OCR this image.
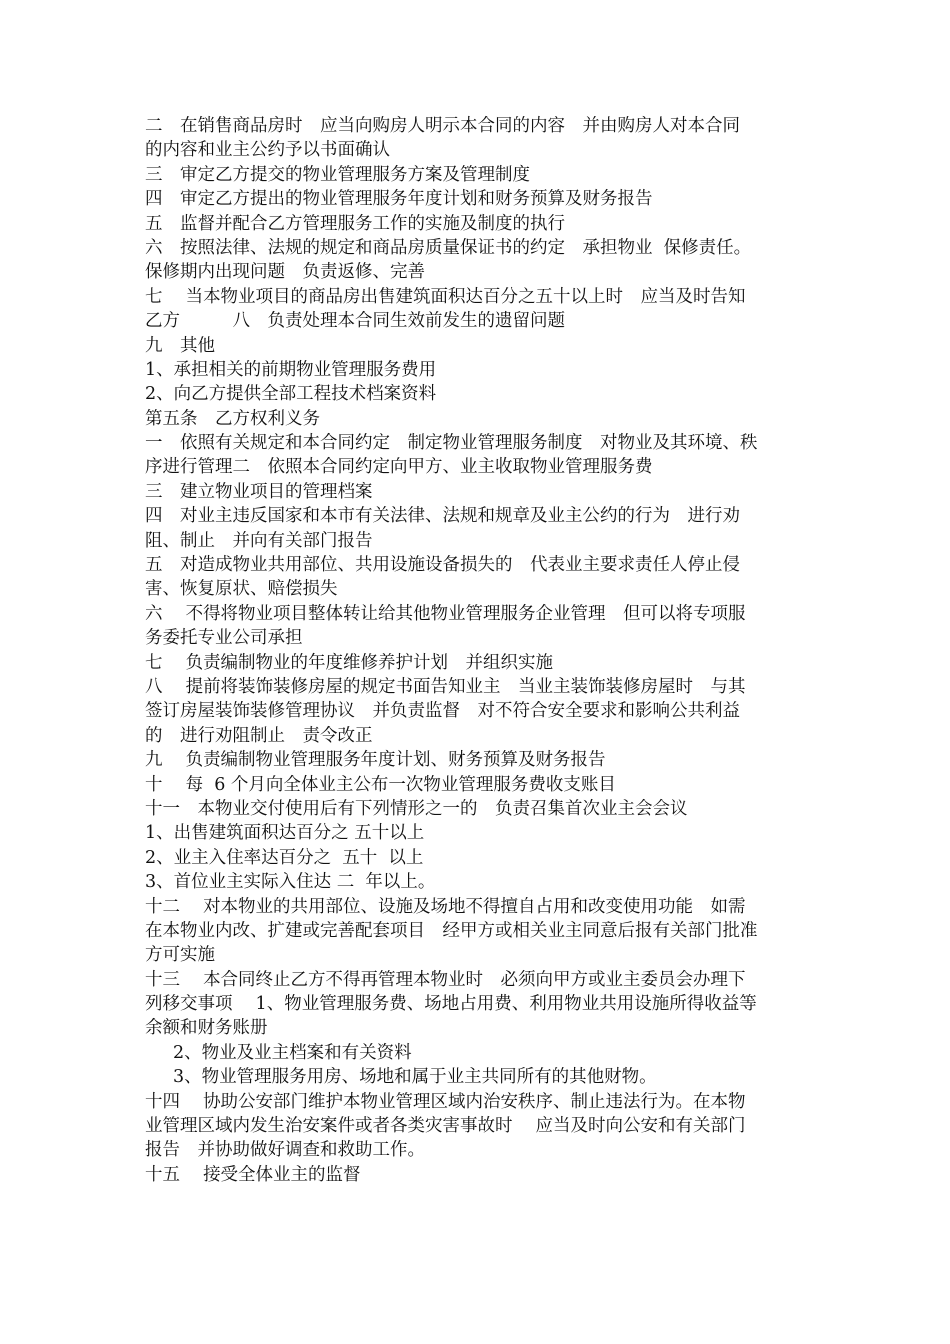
二　在销售商品房时　应当向购房人明示本合同的内容　并由购房人对本合同
的内容和业主公约予以书面确认
三　审定乙方提交的物业管理服务方案及管理制度
四　审定乙方提出的物业管理服务年度计划和财务预算及财务报告
五　监督并配合乙方管理服务工作的实施及制度的执行
六　按照法律、法规的规定和商品房质量保证书的约定　承担物业  保修责任。
保修期内出现问题　负责返修、完善
七　 当本物业项目的商品房出售建筑面积达百分之五十以上时　应当及时告知
乙方　　　八　负责处理本合同生效前发生的遗留问题
九　其他
1、承担相关的前期物业管理服务费用
2、向乙方提供全部工程技术档案资料
第五条　乙方权利义务
一　依照有关规定和本合同约定　制定物业管理服务制度　对物业及其环境、秩
序进行管理二　依照本合同约定向甲方、业主收取物业管理服务费
三　建立物业项目的管理档案
四　对业主违反国家和本市有关法律、法规和规章及业主公约的行为　进行劝
阻、制止　并向有关部门报告
五　对造成物业共用部位、共用设施设备损失的　代表业主要求责任人停止侵
害、恢复原状、赔偿损失
六　 不得将物业项目整体转让给其他物业管理服务企业管理　但可以将专项服
务委托专业公司承担
七　 负责编制物业的年度维修养护计划　并组织实施
八　 提前将装饰装修房屋的规定书面告知业主　当业主装饰装修房屋时　与其
签订房屋装饰装修管理协议　并负责监督　对不符合安全要求和影响公共利益
的　进行劝阻制止　责令改正
九　 负责编制物业管理服务年度计划、财务预算及财务报告
十　 每  6 个月向全体业主公布一次物业管理服务费收支账目
十一　本物业交付使用后有下列情形之一的　负责召集首次业主会会议
1、出售建筑面积达百分之 五十以上
2、业主入住率达百分之  五十  以上
3、首位业主实际入住达 二  年以上。
十二　 对本物业的共用部位、设施及场地不得擅自占用和改变使用功能　如需
在本物业内改、扩建或完善配套项目　经甲方或相关业主同意后报有关部门批准
方可实施
十三　 本合同终止乙方不得再管理本物业时　必须向甲方或业主委员会办理下
列移交事项　 1、物业管理服务费、场地占用费、利用物业共用设施所得收益等
余额和财务账册
2、物业及业主档案和有关资料
3、物业管理服务用房、场地和属于业主共同所有的其他财物。
十四　 协助公安部门维护本物业管理区域内治安秩序、制止违法行为。在本物
业管理区域内发生治安案件或者各类灾害事故时　 应当及时向公安和有关部门
报告　并协助做好调查和救助工作。
十五　 接受全体业主的监督
